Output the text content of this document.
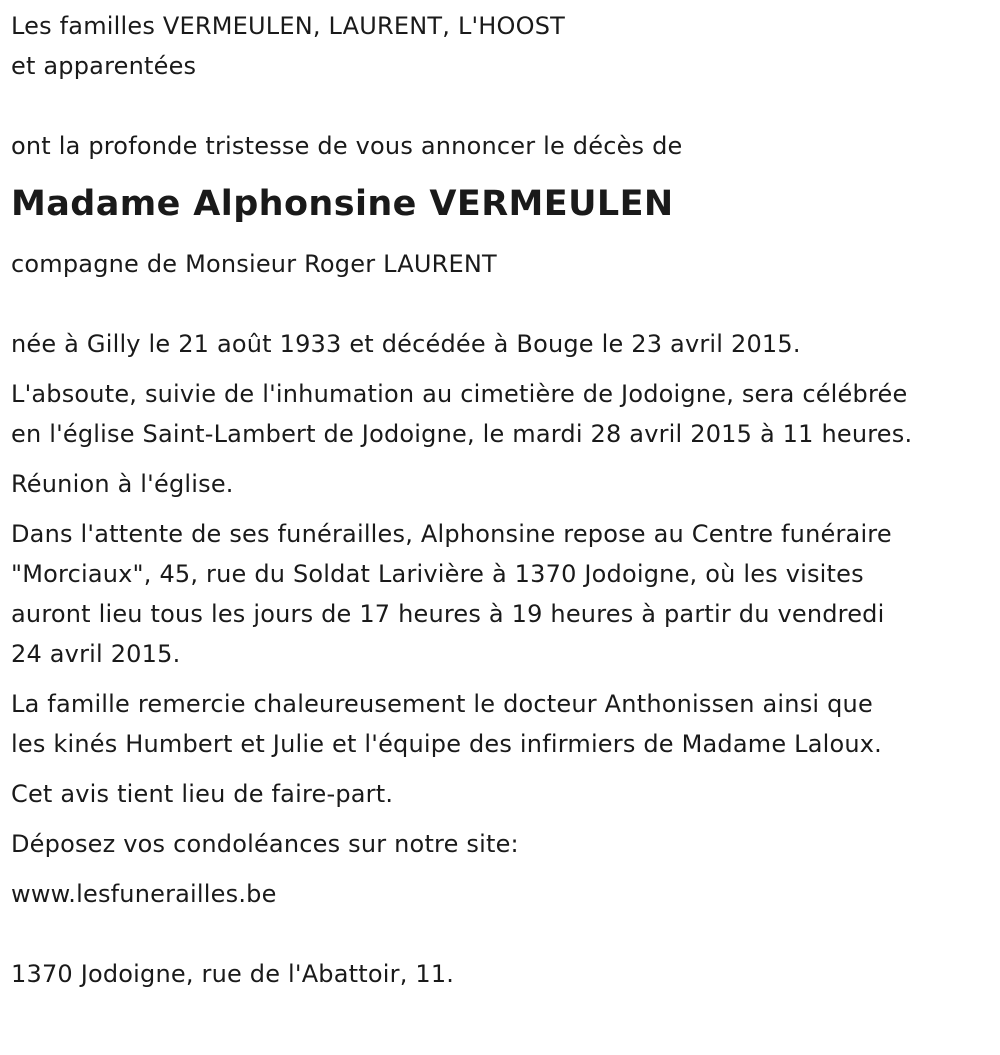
Les familles VERMEULEN, LAURENT, L'HOOST
et apparentées
ont la profonde tristesse de vous annoncer le décès de
Madame Alphonsine VERMEULEN
compagne de Monsieur Roger LAURENT
née à Gilly le 21 août 1933 et décédée à Bouge le 23 avril 2015.
L'absoute, suivie de l'inhumation au cimetière de Jodoigne, sera célébrée
en l'église Saint-Lambert de Jodoigne, le mardi 28 avril 2015 à 11 heures.
Réunion à l'église.
Dans l'attente de ses funérailles, Alphonsine repose au Centre funéraire
"Morciaux", 45, rue du Soldat Larivière à 1370 Jodoigne, où les visites
auront lieu tous les jours de 17 heures à 19 heures à partir du vendredi
24 avril 2015.
La famille remercie chaleureusement le docteur Anthonissen ainsi que
les kinés Humbert et Julie et l'équipe des infirmiers de Madame Laloux.
Cet avis tient lieu de faire-part.
Déposez vos condoléances sur notre site:
www.lesfunerailles.be
1370 Jodoigne, rue de l'Abattoir, 11.
